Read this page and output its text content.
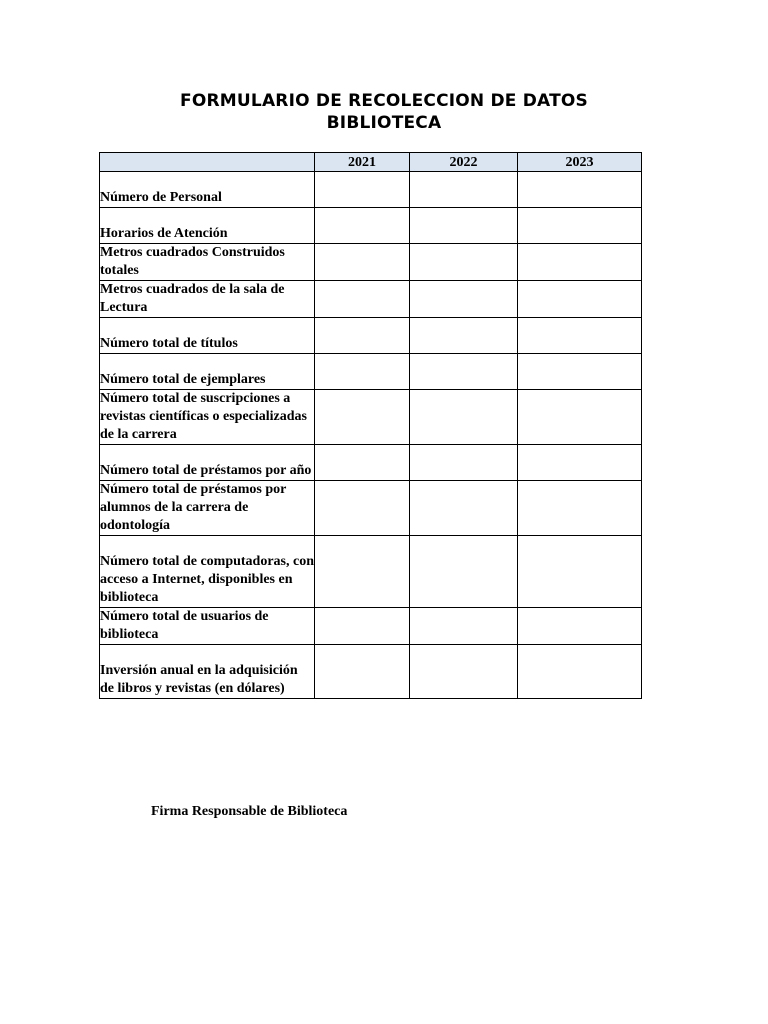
FORMULARIO DE RECOLECCION DE DATOS
BIBLIOTECA
	2021	2022	2023
Número de Personal			
Horarios de Atención			
Metros cuadrados Construidos totales			
Metros cuadrados de la sala de Lectura			
Número total de títulos			
Número total de ejemplares			
Número total de suscripciones a revistas científicas o especializadas de la carrera			
Número total de préstamos por año			
Número total de préstamos por alumnos de la carrera de odontología			
Número total de computadoras, con acceso a Internet, disponibles en biblioteca			
Número total de usuarios de biblioteca			
Inversión anual en la adquisición de libros y revistas (en dólares)			
Firma Responsable de Biblioteca
